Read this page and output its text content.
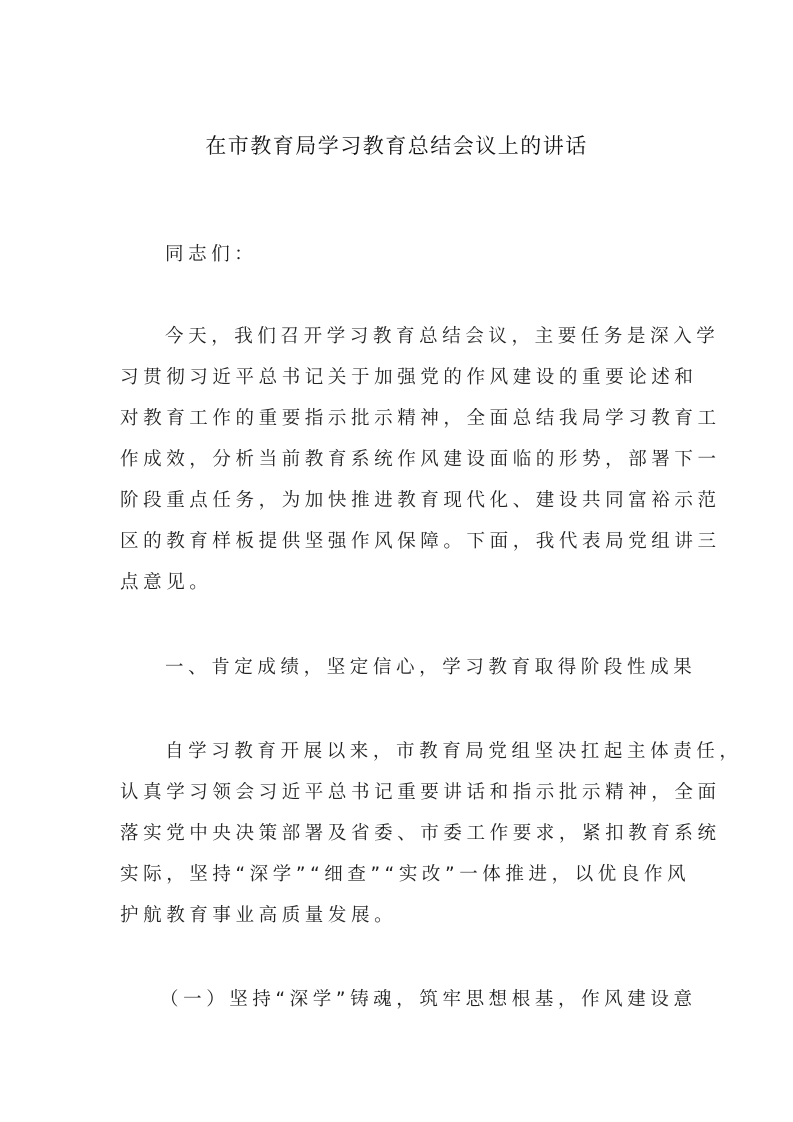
在市教育局学习教育总结会议上的讲话
同志们：
今天，我们召开学习教育总结会议，主要任务是深入学
习贯彻习近平总书记关于加强党的作风建设的重要论述和
对教育工作的重要指示批示精神，全面总结我局学习教育工
作成效，分析当前教育系统作风建设面临的形势，部署下一
阶段重点任务，为加快推进教育现代化、建设共同富裕示范
区的教育样板提供坚强作风保障。下面，我代表局党组讲三
点意见。
一、肯定成绩，坚定信心，学习教育取得阶段性成果
自学习教育开展以来，市教育局党组坚决扛起主体责任，
认真学习领会习近平总书记重要讲话和指示批示精神，全面
落实党中央决策部署及省委、市委工作要求，紧扣教育系统
实际，坚持“深学”“细查”“实改”一体推进，以优良作风
护航教育事业高质量发展。
（一）坚持“深学”铸魂，筑牢思想根基，作风建设意
